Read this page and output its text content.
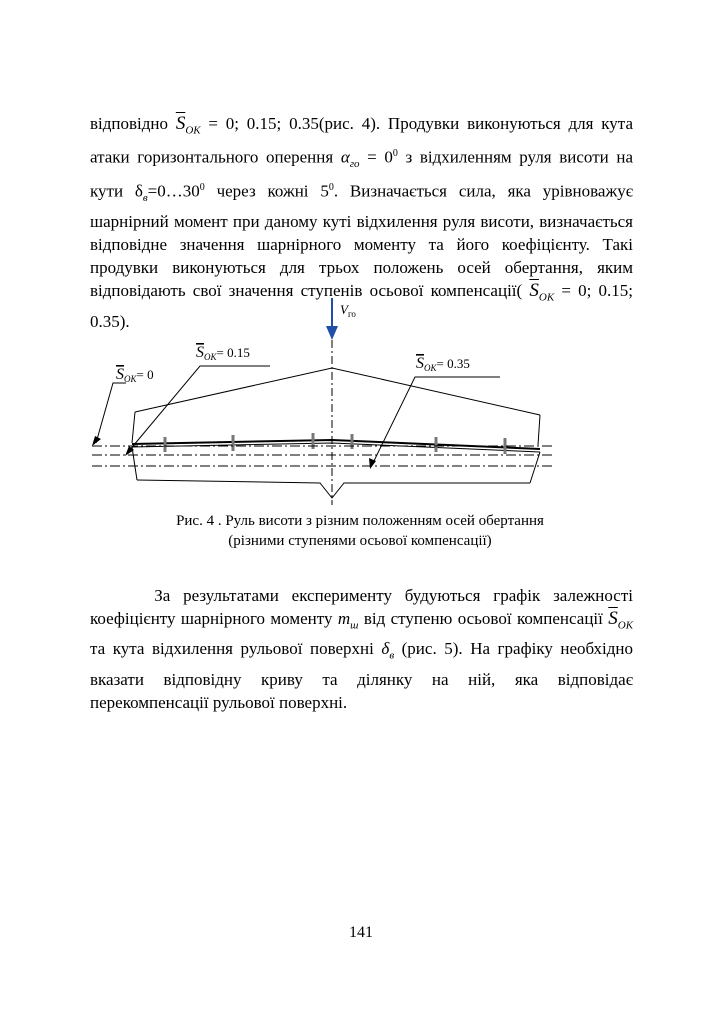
відповідно $\overline{S}_{ОК} = 0$; 0.15; 0.35(рис. 4). Продувки виконуються для кута атаки горизонтального оперення $\alpha_{го} = 0^0$ з відхиленням руля висоти на кути $\delta_в=0\dots 30^0$ через кожні $5^0$. Визначається сила, яка урівноважує шарнірний момент при даному куті відхилення руля висоти, визначається відповідне значення шарнірного моменту та його коефіцієнту. Такі продувки виконуються для трьох положень осей обертання, яким відповідають свої значення ступенів осьової компенсації( $\overline{S}_{ОК} = 0$; 0.15; 0.35).
$V_{го}$
$S_{ОК}= 0$
$S_{ОК}= 0.15$
$S_{ОК}= 0.35$
Рис. 4 . Руль висоти з різним положенням осей обертання
(різними ступенями осьової компенсації)
За результатами експерименту будуються графік залежності коефіцієнту шарнірного моменту $m_ш$ від ступеню осьової компенсації $\overline{S}_{ОК}$ та кута відхилення рульової поверхні $\delta_в$ (рис. 5). На графіку необхідно вказати відповідну криву та ділянку на ній, яка відповідає перекомпенсації рульової поверхні.
141
